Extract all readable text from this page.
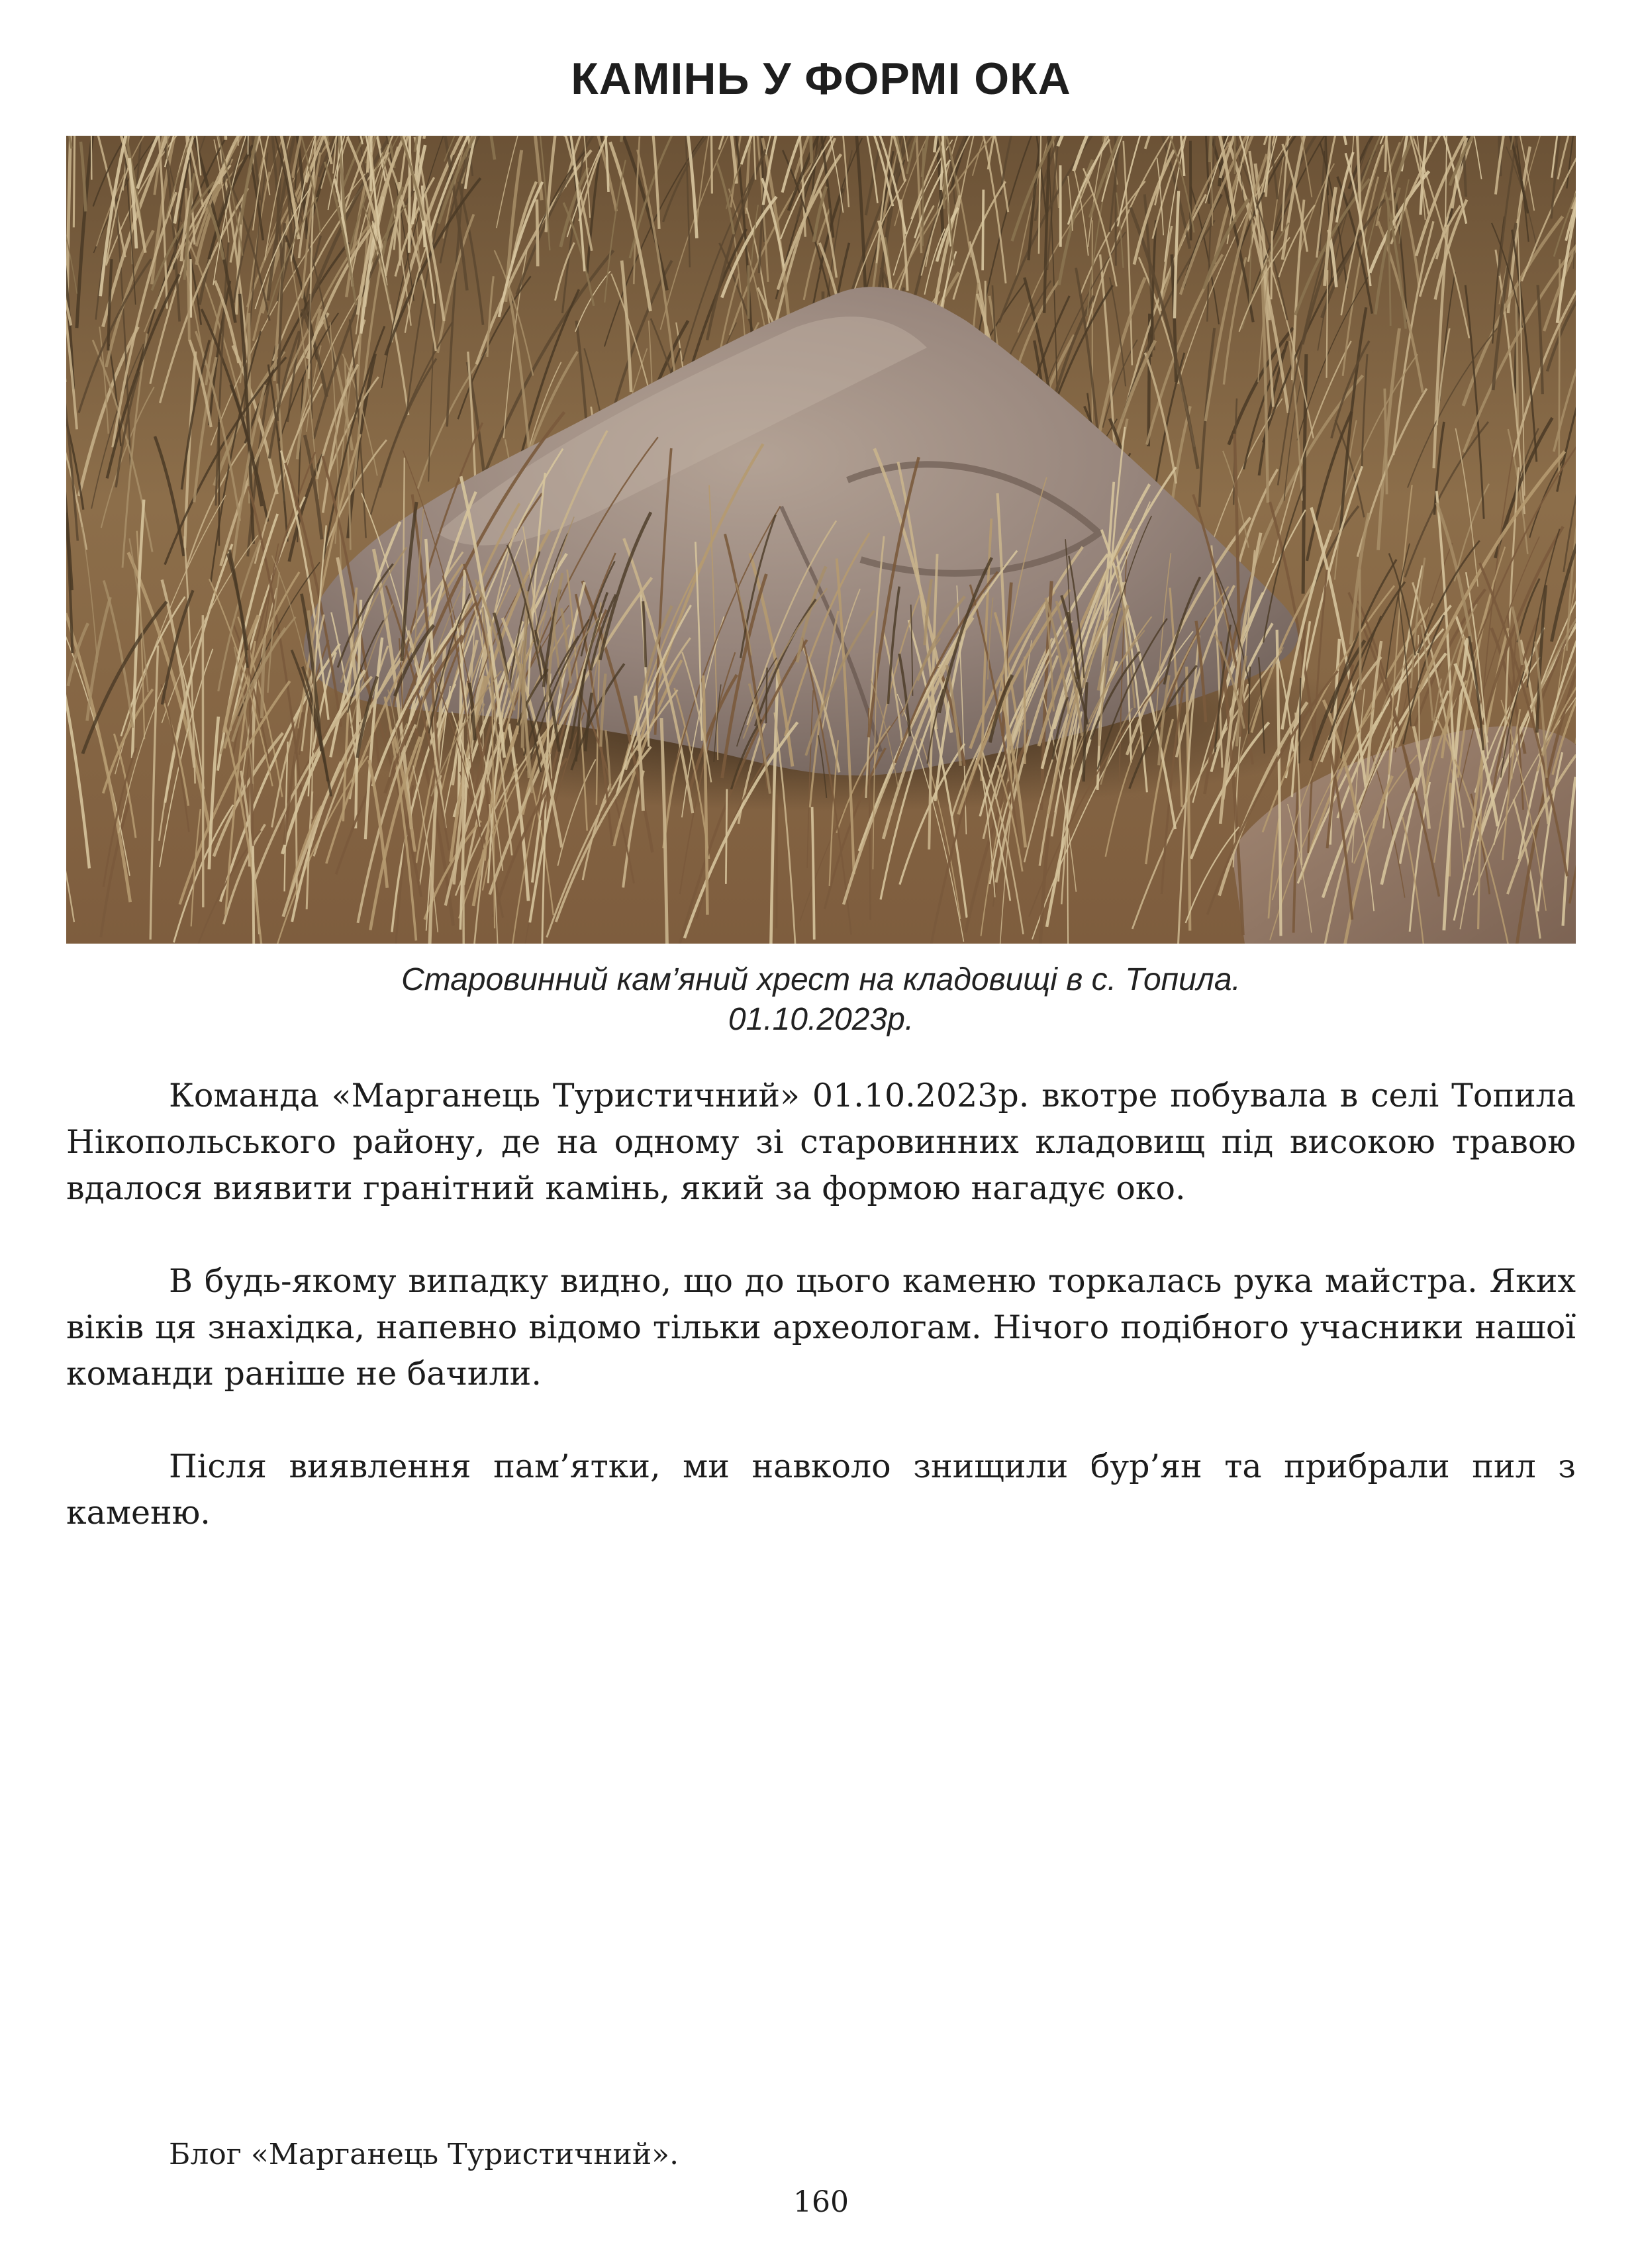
КАМІНЬ У ФОРМІ ОКА
Старовинний кам’яний хрест на кладовищі в с. Топила.
01.10.2023р.

Команда «Марганець Туристичний» 01.10.2023р. вкотре побувала в селі Топила Нікопольського району, де на одному зі старовинних кладовищ під високою травою вдалося виявити гранітний камінь, який за формою нагадує око.

В будь-якому випадку видно, що до цього каменю торкалась рука майстра. Яких віків ця знахідка, напевно відомо тільки археологам. Нічого подібного учасники нашої команди раніше не бачили.

Після виявлення пам’ятки, ми навколо знищили бур’ян та прибрали пил з каменю.

Блог «Марганець Туристичний».
160
